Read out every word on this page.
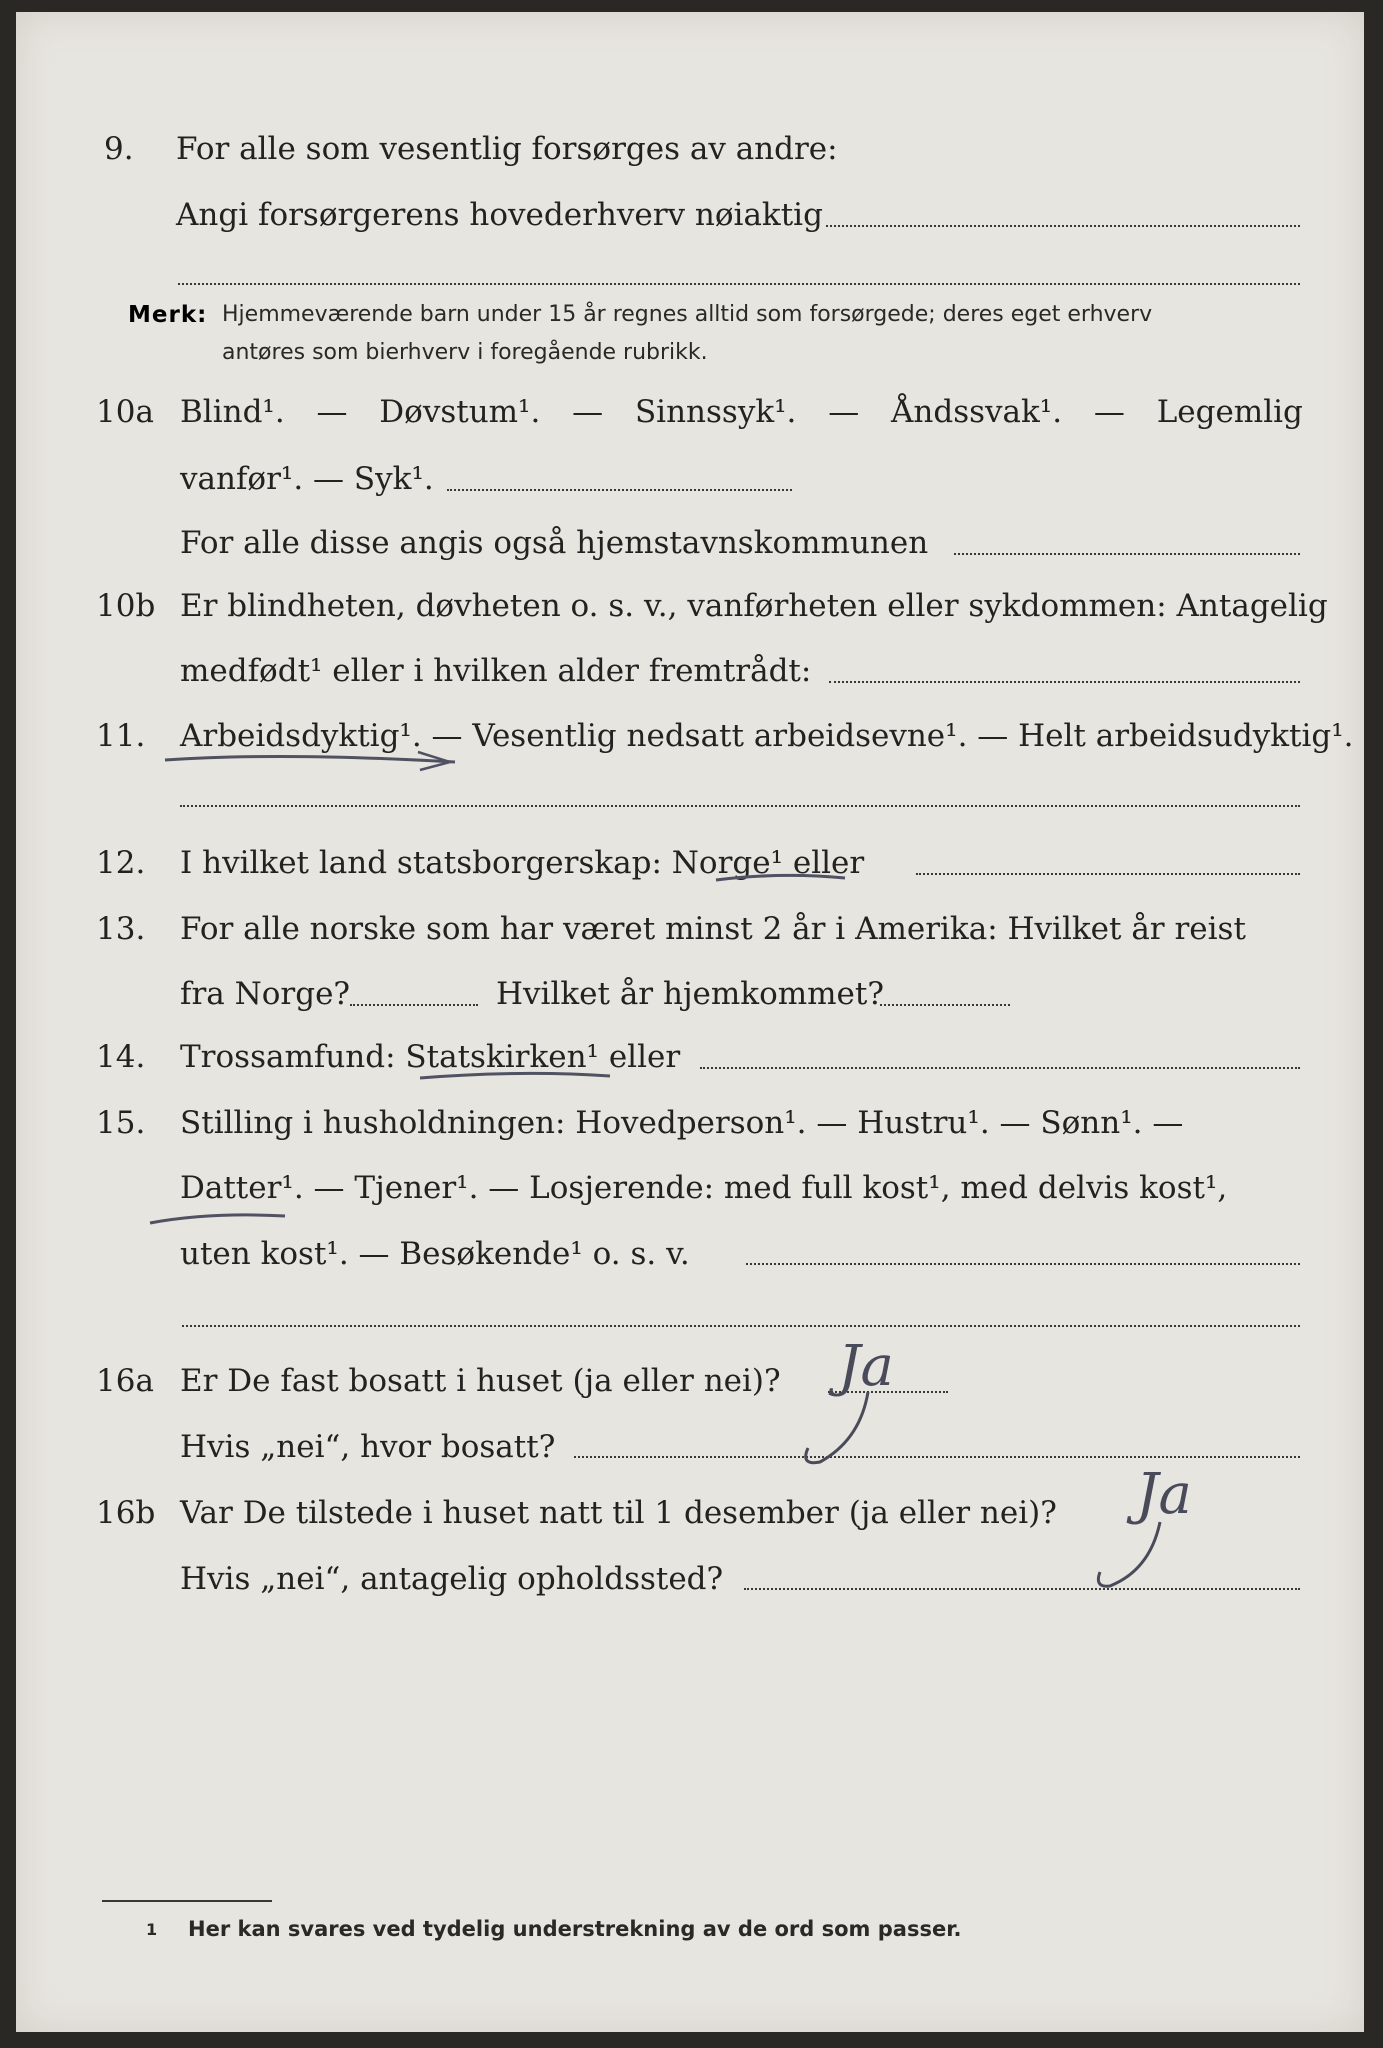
9.	For alle som vesentlig forsørges av andre:
Angi forsørgerens hovederhverv nøiaktig
Merk: Hjemmeværende barn under 15 år regnes alltid som forsørgede; deres eget erhverv
antøres som bierhverv i foregående rubrikk.
10a Blind¹. — Døvstum¹. — Sinnssyk¹. — Åndssvak¹. — Legemlig
vanfør¹. — Syk¹.
For alle disse angis også hjemstavnskommunen
10b Er blindheten, døvheten o. s. v., vanførheten eller sykdommen: Antagelig
medfødt¹ eller i hvilken alder fremtrådt:
11.	Arbeidsdyktig¹. — Vesentlig nedsatt arbeidsevne¹. — Helt arbeidsudyktig¹.
12.	I hvilket land statsborgerskap: Norge¹ eller
13.	For alle norske som har været minst 2 år i Amerika: Hvilket år reist
fra Norge?	Hvilket år hjemkommet?
14.	Trossamfund: Statskirken¹ eller
15.	Stilling i husholdningen: Hovedperson¹. — Hustru¹. — Sønn¹. —
Datter¹. — Tjener¹. — Losjerende: med full kost¹, med delvis kost¹,
uten kost¹. — Besøkende¹ o. s. v.
16a Er De fast bosatt i huset (ja eller nei)?	Ja
Hvis „nei“, hvor bosatt?
16b Var De tilstede i huset natt til 1 desember (ja eller nei)?	Ja
Hvis „nei“, antagelig opholdssted?
1 Her kan svares ved tydelig understrekning av de ord som passer.
